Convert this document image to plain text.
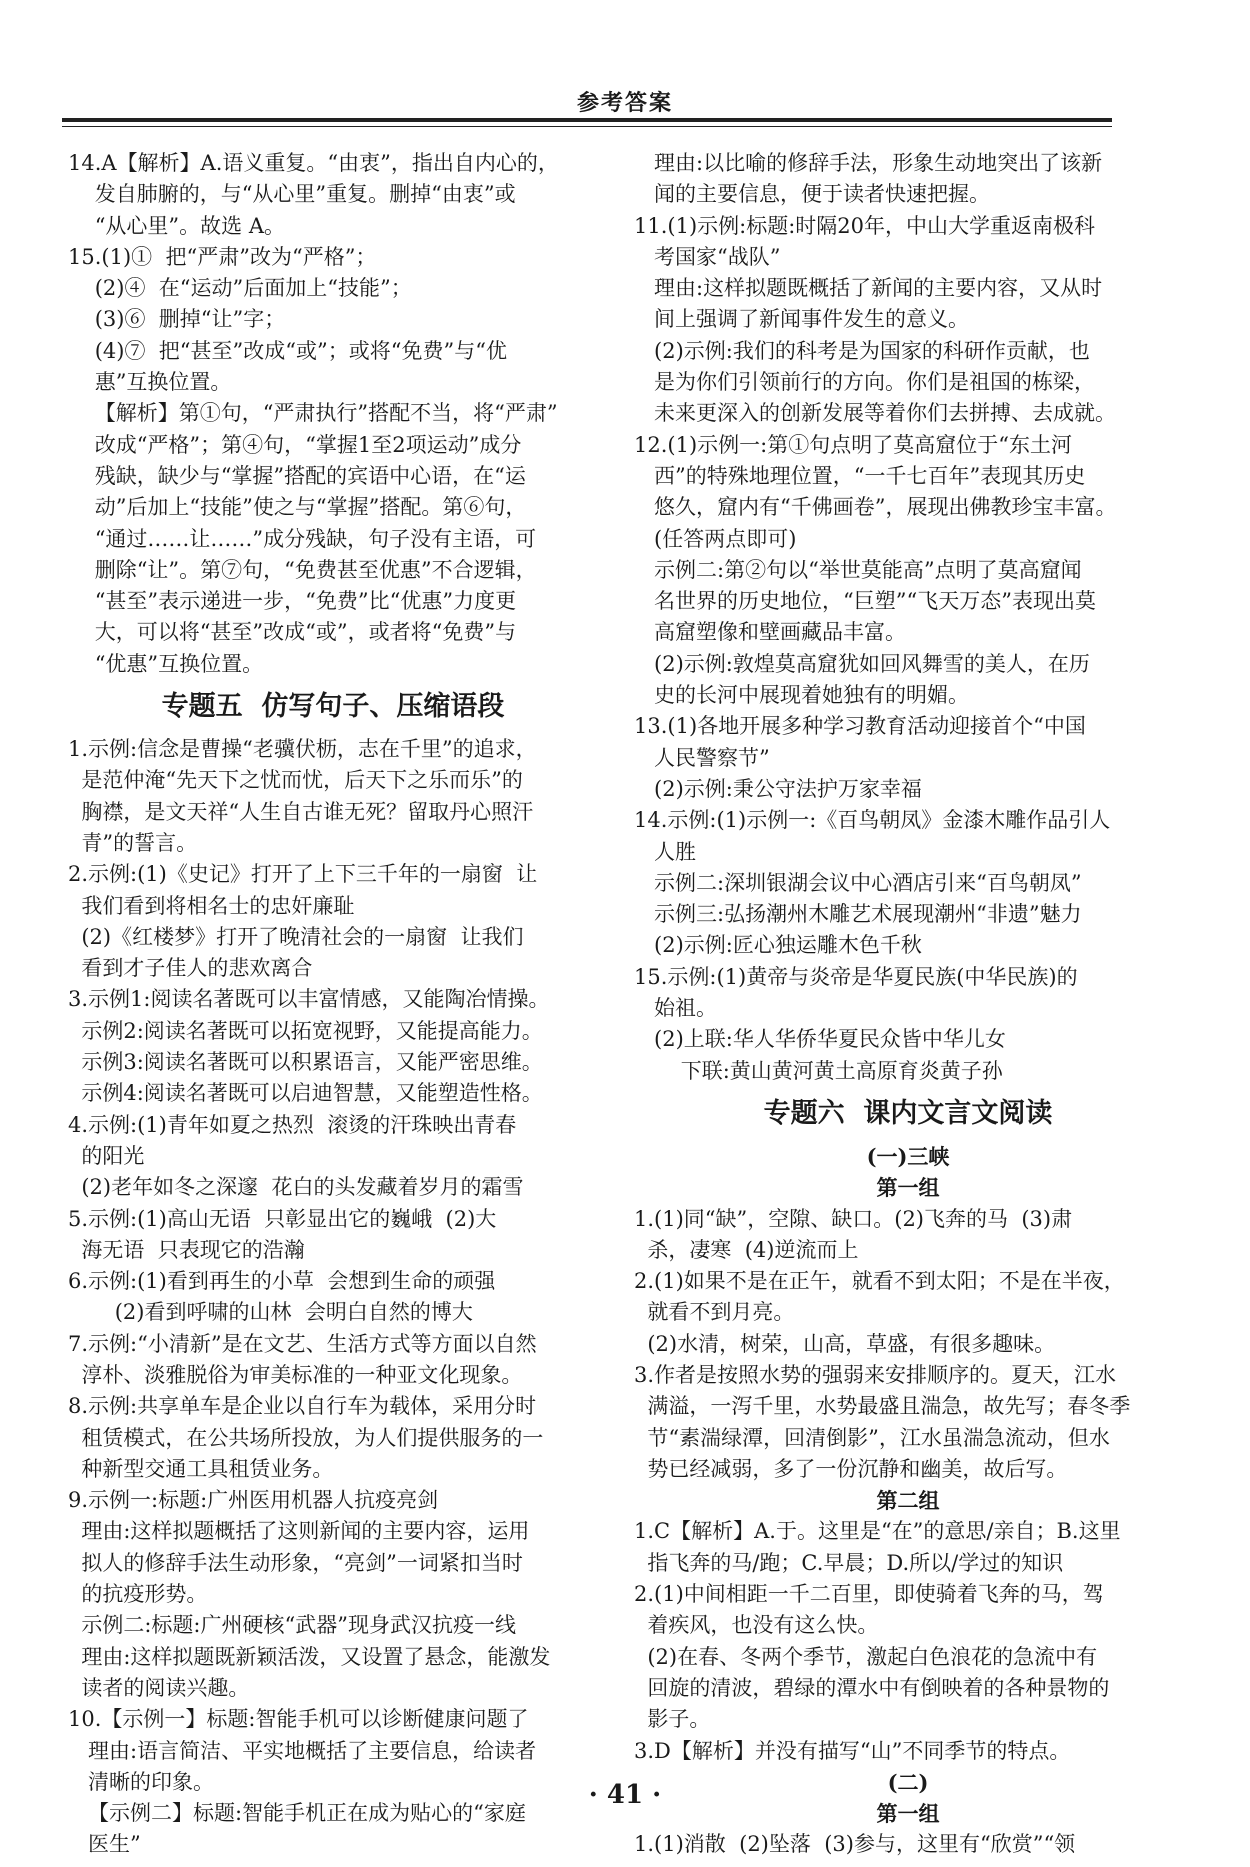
参考答案
14.A【解析】A.语义重复。“由衷”，指出自内心的，
发自肺腑的，与“从心里”重复。删掉“由衷”或
“从心里”。故选 A。
15.(1)①  把“严肃”改为“严格”；
(2)④  在“运动”后面加上“技能”；
(3)⑥  删掉“让”字；
(4)⑦  把“甚至”改成“或”；或将“免费”与“优
惠”互换位置。
【解析】第①句，“严肃执行”搭配不当，将“严肃”
改成“严格”；第④句，“掌握1至2项运动”成分
残缺，缺少与“掌握”搭配的宾语中心语，在“运
动”后加上“技能”使之与“掌握”搭配。第⑥句，
“通过……让……”成分残缺，句子没有主语，可
删除“让”。第⑦句，“免费甚至优惠”不合逻辑，
“甚至”表示递进一步，“免费”比“优惠”力度更
大，可以将“甚至”改成“或”，或者将“免费”与
“优惠”互换位置。
专题五  仿写句子、压缩语段
1.示例:信念是曹操“老骥伏枥，志在千里”的追求，
是范仲淹“先天下之忧而忧，后天下之乐而乐”的
胸襟，是文天祥“人生自古谁无死？留取丹心照汗
青”的誓言。
2.示例:(1)《史记》打开了上下三千年的一扇窗  让
我们看到将相名士的忠奸廉耻
(2)《红楼梦》打开了晚清社会的一扇窗  让我们
看到才子佳人的悲欢离合
3.示例1:阅读名著既可以丰富情感，又能陶冶情操。
示例2:阅读名著既可以拓宽视野，又能提高能力。
示例3:阅读名著既可以积累语言，又能严密思维。
示例4:阅读名著既可以启迪智慧，又能塑造性格。
4.示例:(1)青年如夏之热烈  滚烫的汗珠映出青春
的阳光
(2)老年如冬之深邃  花白的头发藏着岁月的霜雪
5.示例:(1)高山无语  只彰显出它的巍峨  (2)大
海无语  只表现它的浩瀚
6.示例:(1)看到再生的小草  会想到生命的顽强
(2)看到呼啸的山林  会明白自然的博大
7.示例:“小清新”是在文艺、生活方式等方面以自然
淳朴、淡雅脱俗为审美标准的一种亚文化现象。
8.示例:共享单车是企业以自行车为载体，采用分时
租赁模式，在公共场所投放，为人们提供服务的一
种新型交通工具租赁业务。
9.示例一:标题:广州医用机器人抗疫亮剑
理由:这样拟题概括了这则新闻的主要内容，运用
拟人的修辞手法生动形象，“亮剑”一词紧扣当时
的抗疫形势。
示例二:标题:广州硬核“武器”现身武汉抗疫一线
理由:这样拟题既新颖活泼，又设置了悬念，能激发
读者的阅读兴趣。
10.【示例一】标题:智能手机可以诊断健康问题了
理由:语言简洁、平实地概括了主要信息，给读者
清晰的印象。
【示例二】标题:智能手机正在成为贴心的“家庭
医生”
理由:以比喻的修辞手法，形象生动地突出了该新
闻的主要信息，便于读者快速把握。
11.(1)示例:标题:时隔20年，中山大学重返南极科
考国家“战队”
理由:这样拟题既概括了新闻的主要内容，又从时
间上强调了新闻事件发生的意义。
(2)示例:我们的科考是为国家的科研作贡献，也
是为你们引领前行的方向。你们是祖国的栋梁，
未来更深入的创新发展等着你们去拼搏、去成就。
12.(1)示例一:第①句点明了莫高窟位于“东土河
西”的特殊地理位置，“一千七百年”表现其历史
悠久，窟内有“千佛画卷”，展现出佛教珍宝丰富。
(任答两点即可)
示例二:第②句以“举世莫能高”点明了莫高窟闻
名世界的历史地位，“巨塑”“飞天万态”表现出莫
高窟塑像和壁画藏品丰富。
(2)示例:敦煌莫高窟犹如回风舞雪的美人，在历
史的长河中展现着她独有的明媚。
13.(1)各地开展多种学习教育活动迎接首个“中国
人民警察节”
(2)示例:秉公守法护万家幸福
14.示例:(1)示例一:《百鸟朝凤》金漆木雕作品引人
人胜
示例二:深圳银湖会议中心酒店引来“百鸟朝凤”
示例三:弘扬潮州木雕艺术展现潮州“非遗”魅力
(2)示例:匠心独运雕木色千秋
15.示例:(1)黄帝与炎帝是华夏民族(中华民族)的
始祖。
(2)上联:华人华侨华夏民众皆中华儿女
下联:黄山黄河黄土高原育炎黄子孙
专题六  课内文言文阅读
(一)三峡
第一组
1.(1)同“缺”，空隙、缺口。(2)飞奔的马  (3)肃
杀，凄寒  (4)逆流而上
2.(1)如果不是在正午，就看不到太阳；不是在半夜，
就看不到月亮。
(2)水清，树荣，山高，草盛，有很多趣味。
3.作者是按照水势的强弱来安排顺序的。夏天，江水
满溢，一泻千里，水势最盛且湍急，故先写；春冬季
节“素湍绿潭，回清倒影”，江水虽湍急流动，但水
势已经减弱，多了一份沉静和幽美，故后写。
第二组
1.C【解析】A.于。这里是“在”的意思/亲自；B.这里
指飞奔的马/跑；C.早晨；D.所以/学过的知识
2.(1)中间相距一千二百里，即使骑着飞奔的马，驾
着疾风，也没有这么快。
(2)在春、冬两个季节，激起白色浪花的急流中有
回旋的清波，碧绿的潭水中有倒映着的各种景物的
影子。
3.D【解析】并没有描写“山”不同季节的特点。
(二)
第一组
1.(1)消散  (2)坠落  (3)参与，这里有“欣赏”“领
· 41 ·
